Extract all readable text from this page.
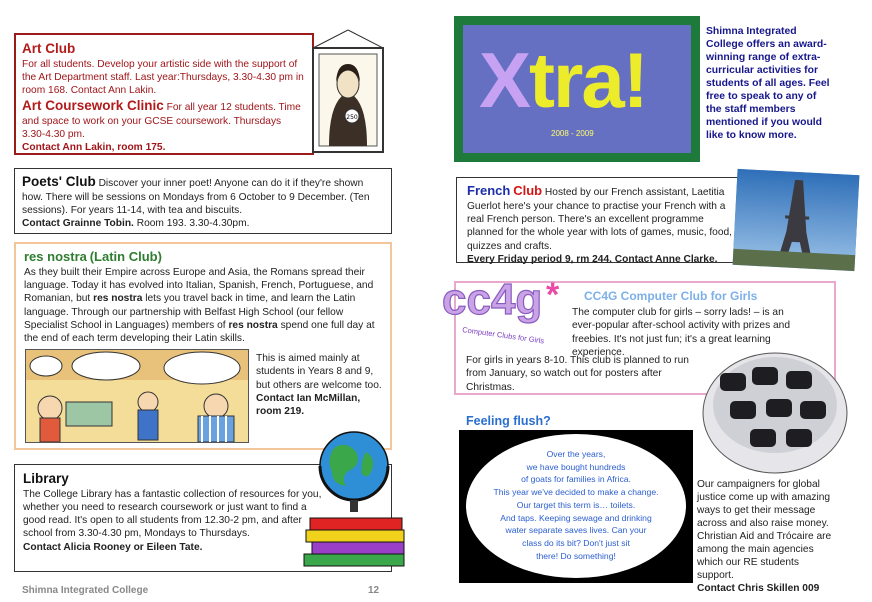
Art Club

For all students. Develop your artistic side with the support of the Art Department staff. Last year:Thursdays, 3.30-4.30 pm in room 168. Contact Ann Lakin.

Art Coursework Clinic For all year 12 students. Time and space to work on your GCSE coursework. Thursdays 3.30-4.30 pm.

Contact Ann Lakin, room 175.

250

Poets' Club Discover your inner poet! Anyone can do it if they're shown how. There will be sessions on Mondays from 6 October to 9 December. (Ten sessions). For years 11-14, with tea and biscuits.

Contact Grainne Tobin. Room 193. 3.30-4.30pm.

res nostra (Latin Club)

As they built their Empire across Europe and Asia, the Romans spread their language. Today it has evolved into Italian, Spanish, French, Portuguese, and Romanian, but res nostra lets you travel back in time, and learn the Latin language. Through our partnership with Belfast High School (our fellow Specialist School in Languages) members of res nostra spend one full day at the end of each term developing their Latin skills.

This is aimed mainly at students in Years 8 and 9, but others are welcome too.

Contact Ian McMillan, room 219.

Library

The College Library has a fantastic collection of resources for you, whether you need to research coursework or just want to find a good read. It's open to all students from 12.30-2 pm, and after school from 3.30-4.30 pm, Mondays to Thursdays.

Contact Alicia Rooney or Eileen Tate.

Shimna Integrated College	12
Xtra!
2008 - 2009
Shimna Integrated College offers an award-winning range of extra-curricular activities for students of all ages. Feel free to speak to any of the staff members mentioned if you would like to know more.

French Club Hosted by our French assistant, Laetitia Guerlot here's your chance to practise your French with a real French person. There's an excellent programme planned for the whole year with lots of games, music, food, quizzes and crafts.

Every Friday period 9, rm 244. Contact Anne Clarke.

cc4g *
Computer Clubs for Girls
CC4G Computer Club for Girls
The computer club for girls – sorry lads! – is an ever-popular after-school activity with prizes and freebies. It's not just fun; it's a great learning experience.
For girls in years 8-10. This club is planned to run from January, so watch out for posters after Christmas.
Feeling flush?
Over the years,
we have bought hundreds
of goats for families in Africa.
This year we've decided to make a change.
Our target this term is… toilets.
And taps. Keeping sewage and drinking
water separate saves lives. Can your
class do its bit? Don't just sit
there! Do something!

Our campaigners for global justice come up with amazing ways to get their message across and also raise money. Christian Aid and Trócaire are among the main agencies which our RE students support.

Contact Chris Skillen 009
